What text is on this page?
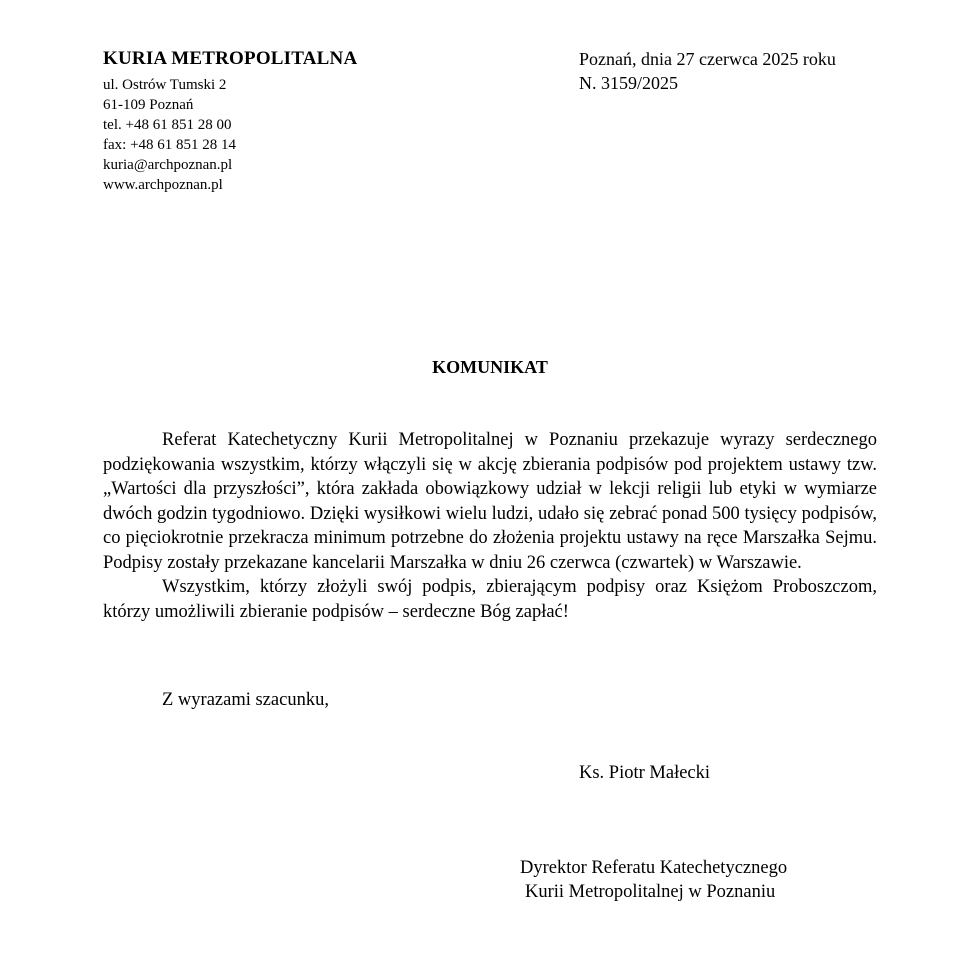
KURIA METROPOLITALNA
ul. Ostrów Tumski 2
61-109 Poznań
tel. +48 61 851 28 00
fax: +48 61 851 28 14
kuria@archpoznan.pl
www.archpoznan.pl
Poznań, dnia 27 czerwca 2025 roku
N. 3159/2025
KOMUNIKAT

Referat Katechetyczny Kurii Metropolitalnej w Poznaniu przekazuje wyrazy serdecznego podziękowania wszystkim, którzy włączyli się w akcję zbierania podpisów pod projektem ustawy tzw. „Wartości dla przyszłości”, która zakłada obowiązkowy udział w lekcji religii lub etyki w wymiarze dwóch godzin tygodniowo. Dzięki wysiłkowi wielu ludzi, udało się zebrać ponad 500 tysięcy podpisów, co pięciokrotnie przekracza minimum potrzebne do złożenia projektu ustawy na ręce Marszałka Sejmu. Podpisy zostały przekazane kancelarii Marszałka w dniu 26 czerwca (czwartek) w Warszawie.

Wszystkim, którzy złożyli swój podpis, zbierającym podpisy oraz Księżom Proboszczom, którzy umożliwili zbieranie podpisów – serdeczne Bóg zapłać!

Z wyrazami szacunku,
Ks. Piotr Małecki
Dyrektor Referatu Katechetycznego
Kurii Metropolitalnej w Poznaniu
